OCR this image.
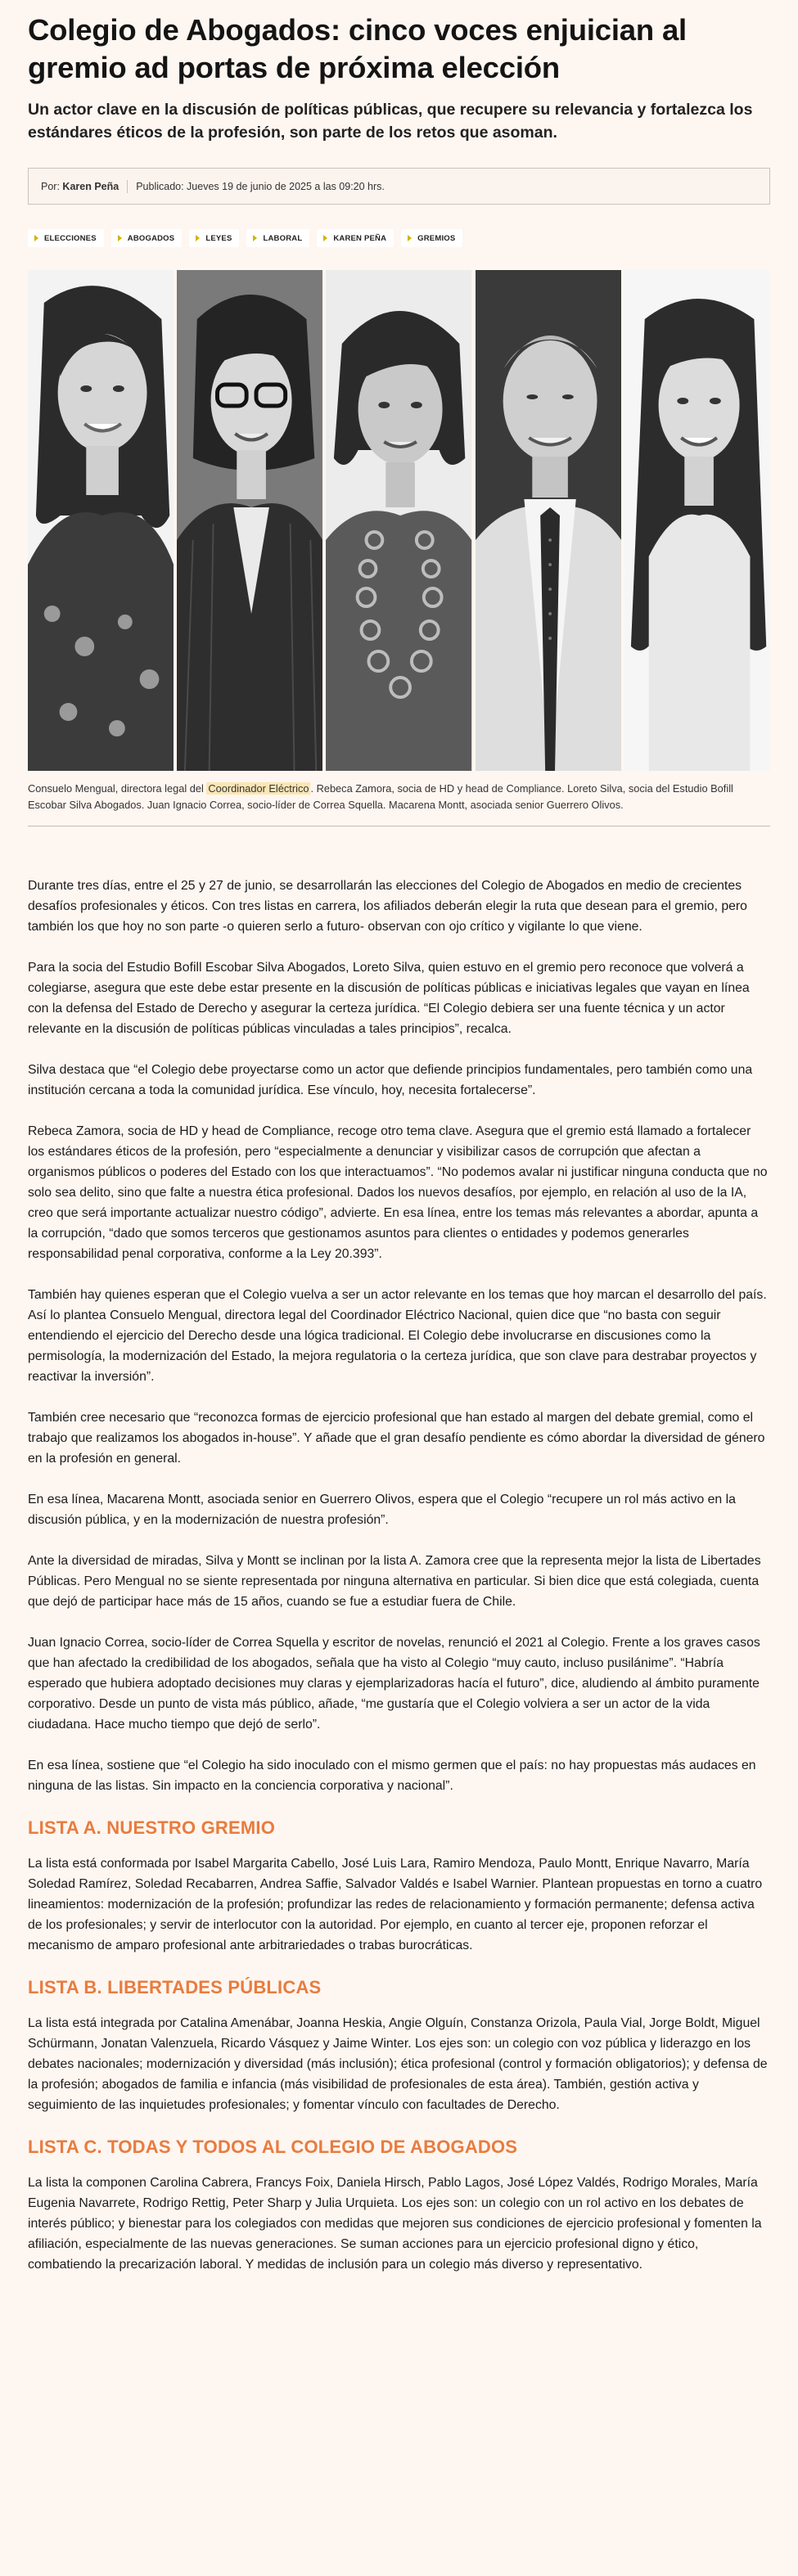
Colegio de Abogados: cinco voces enjuician al gremio ad portas de próxima elección

Un actor clave en la discusión de políticas públicas, que recupere su relevancia y fortalezca los estándares éticos de la profesión, son parte de los retos que asoman.

Por:
Karen Peña Publicado: Jueves 19 de junio de 2025 a las 09:20 hrs.
ELECCIONES	ABOGADOS	LEYES	LABORAL	KAREN PEÑA	GREMIOS

Consuelo Mengual, directora legal del Coordinador Eléctrico . Rebeca Zamora, socia de HD y head de Compliance. Loreto Silva, socia del Estudio Bofill Escobar Silva Abogados. Juan Ignacio Correa, socio-líder de Correa Squella. Macarena Montt, asociada senior Guerrero Olivos.

Durante tres días, entre el 25 y 27 de junio, se desarrollarán las elecciones del Colegio de Abogados en medio de crecientes desafíos profesionales y éticos. Con tres listas en carrera, los afiliados deberán elegir la ruta que desean para el gremio, pero también los que hoy no son parte -o quieren serlo a futuro- observan con ojo crítico y vigilante lo que viene.

Para la socia del Estudio Bofill Escobar Silva Abogados, Loreto Silva, quien estuvo en el gremio pero reconoce que volverá a colegiarse, asegura que este debe estar presente en la discusión de políticas públicas e iniciativas legales que vayan en línea con la defensa del Estado de Derecho y asegurar la certeza jurídica. “El Colegio debiera ser una fuente técnica y un actor relevante en la discusión de políticas públicas vinculadas a tales principios”, recalca.

Silva destaca que “el Colegio debe proyectarse como un actor que defiende principios fundamentales, pero también como una institución cercana a toda la comunidad jurídica. Ese vínculo, hoy, necesita fortalecerse”.

Rebeca Zamora, socia de HD y head de Compliance, recoge otro tema clave. Asegura que el gremio está llamado a fortalecer los estándares éticos de la profesión, pero “especialmente a denunciar y visibilizar casos de corrupción que afectan a organismos públicos o poderes del Estado con los que interactuamos”. “No podemos avalar ni justificar ninguna conducta que no solo sea delito, sino que falte a nuestra ética profesional. Dados los nuevos desafíos, por ejemplo, en relación al uso de la IA, creo que será importante actualizar nuestro código”, advierte. En esa línea, entre los temas más relevantes a abordar, apunta a la corrupción, “dado que somos terceros que gestionamos asuntos para clientes o entidades y podemos generarles responsabilidad penal corporativa, conforme a la Ley 20.393”.

También hay quienes esperan que el Colegio vuelva a ser un actor relevante en los temas que hoy marcan el desarrollo del país. Así lo plantea Consuelo Mengual, directora legal del Coordinador Eléctrico Nacional, quien dice que “no basta con seguir entendiendo el ejercicio del Derecho desde una lógica tradicional. El Colegio debe involucrarse en discusiones como la permisología, la modernización del Estado, la mejora regulatoria o la certeza jurídica, que son clave para destrabar proyectos y reactivar la inversión”.

También cree necesario que “reconozca formas de ejercicio profesional que han estado al margen del debate gremial, como el trabajo que realizamos los abogados in-house”. Y añade que el gran desafío pendiente es cómo abordar la diversidad de género en la profesión en general.

En esa línea, Macarena Montt, asociada senior en Guerrero Olivos, espera que el Colegio “recupere un rol más activo en la discusión pública, y en la modernización de nuestra profesión”.

Ante la diversidad de miradas, Silva y Montt se inclinan por la lista A. Zamora cree que la representa mejor la lista de Libertades Públicas. Pero Mengual no se siente representada por ninguna alternativa en particular. Si bien dice que está colegiada, cuenta que dejó de participar hace más de 15 años, cuando se fue a estudiar fuera de Chile.

Juan Ignacio Correa, socio-líder de Correa Squella y escritor de novelas, renunció el 2021 al Colegio. Frente a los graves casos que han afectado la credibilidad de los abogados, señala que ha visto al Colegio “muy cauto, incluso pusilánime”. “Habría esperado que hubiera adoptado decisiones muy claras y ejemplarizadoras hacía el futuro”, dice, aludiendo al ámbito puramente corporativo. Desde un punto de vista más público, añade, “me gustaría que el Colegio volviera a ser un actor de la vida ciudadana. Hace mucho tiempo que dejó de serlo”.

En esa línea, sostiene que “el Colegio ha sido inoculado con el mismo germen que el país: no hay propuestas más audaces en ninguna de las listas. Sin impacto en la conciencia corporativa y nacional”.

LISTA A. NUESTRO GREMIO

La lista está conformada por Isabel Margarita Cabello, José Luis Lara, Ramiro Mendoza, Paulo Montt, Enrique Navarro, María Soledad Ramírez, Soledad Recabarren, Andrea Saffie, Salvador Valdés e Isabel Warnier. Plantean propuestas en torno a cuatro lineamientos: modernización de la profesión; profundizar las redes de relacionamiento y formación permanente; defensa activa de los profesionales; y servir de interlocutor con la autoridad. Por ejemplo, en cuanto al tercer eje, proponen reforzar el mecanismo de amparo profesional ante arbitrariedades o trabas burocráticas.

LISTA B. LIBERTADES PÚBLICAS

La lista está integrada por Catalina Amenábar, Joanna Heskia, Angie Olguín, Constanza Orizola, Paula Vial, Jorge Boldt, Miguel Schürmann, Jonatan Valenzuela, Ricardo Vásquez y Jaime Winter. Los ejes son: un colegio con voz pública y liderazgo en los debates nacionales; modernización y diversidad (más inclusión); ética profesional (control y formación obligatorios); y defensa de la profesión; abogados de familia e infancia (más visibilidad de profesionales de esta área). También, gestión activa y seguimiento de las inquietudes profesionales; y fomentar vínculo con facultades de Derecho.

LISTA C. TODAS Y TODOS AL COLEGIO DE ABOGADOS

La lista la componen Carolina Cabrera, Francys Foix, Daniela Hirsch, Pablo Lagos, José López Valdés, Rodrigo Morales, María Eugenia Navarrete, Rodrigo Rettig, Peter Sharp y Julia Urquieta. Los ejes son: un colegio con un rol activo en los debates de interés público; y bienestar para los colegiados con medidas que mejoren sus condiciones de ejercicio profesional y fomenten la afiliación, especialmente de las nuevas generaciones. Se suman acciones para un ejercicio profesional digno y ético, combatiendo la precarización laboral. Y medidas de inclusión para un colegio más diverso y representativo.
